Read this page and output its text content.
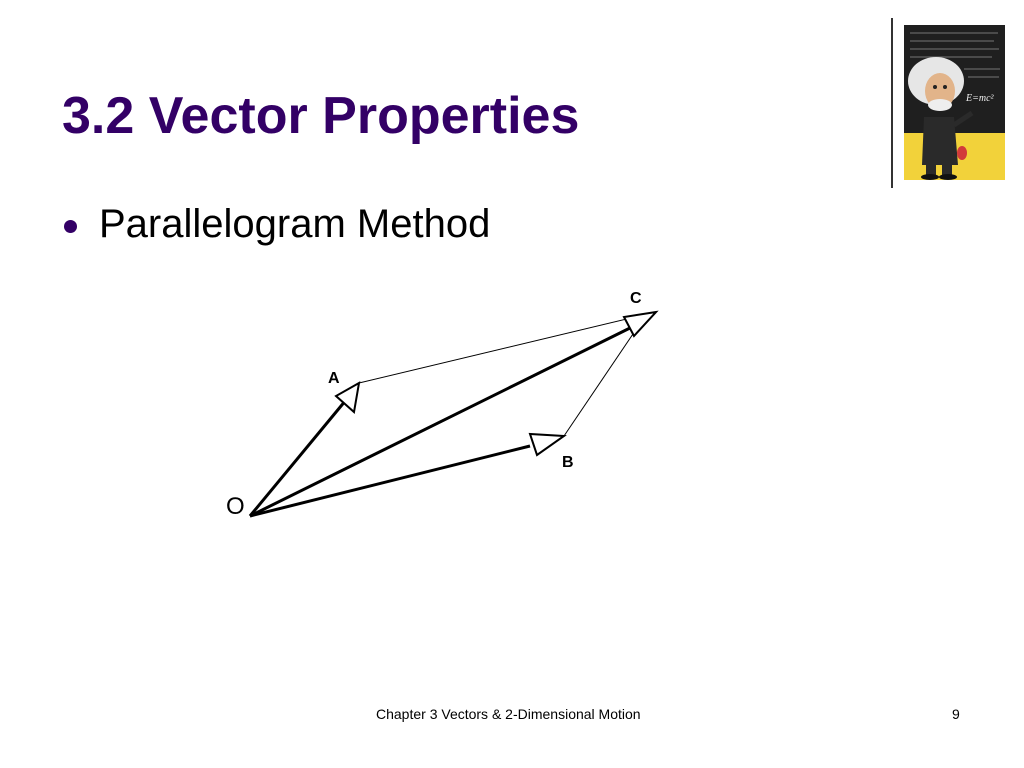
3.2 Vector Properties
Parallelogram Method
E=mc²
O
A
B
C
Chapter 3 Vectors & 2-Dimensional Motion	9
